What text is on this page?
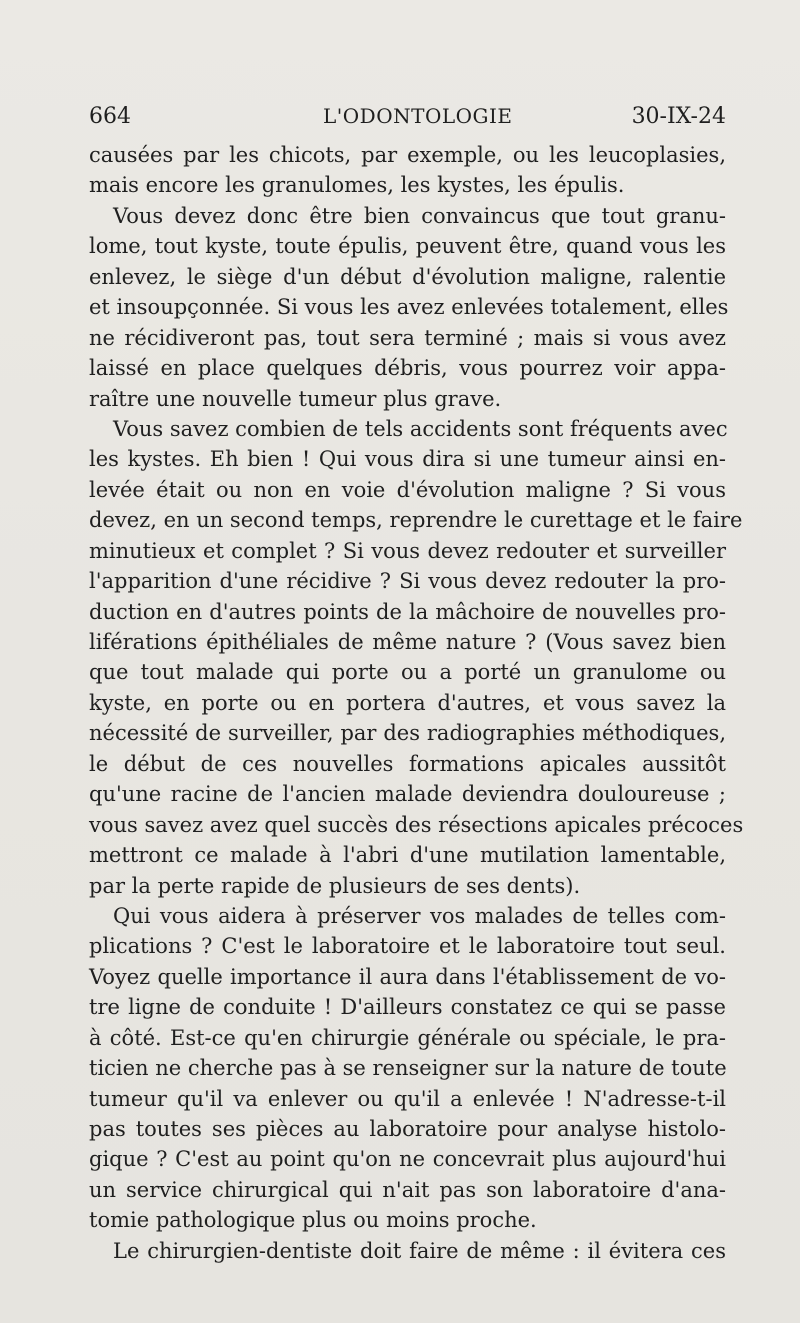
664	L'ODONTOLOGIE	30-IX-24
causées par les chicots, par exemple, ou les leucoplasies,
mais encore les granulomes, les kystes, les épulis.
Vous devez donc être bien convaincus que tout granu-
lome, tout kyste, toute épulis, peuvent être, quand vous les
enlevez, le siège d'un début d'évolution maligne, ralentie
et insoupçonnée. Si vous les avez enlevées totalement, elles
ne récidiveront pas, tout sera terminé ; mais si vous avez
laissé en place quelques débris, vous pourrez voir appa-
raître une nouvelle tumeur plus grave.
Vous savez combien de tels accidents sont fréquents avec
les kystes. Eh bien ! Qui vous dira si une tumeur ainsi en-
levée était ou non en voie d'évolution maligne ? Si vous
devez, en un second temps, reprendre le curettage et le faire
minutieux et complet ? Si vous devez redouter et surveiller
l'apparition d'une récidive ? Si vous devez redouter la pro-
duction en d'autres points de la mâchoire de nouvelles pro-
liférations épithéliales de même nature ? (Vous savez bien
que tout malade qui porte ou a porté un granulome ou
kyste, en porte ou en portera d'autres, et vous savez la
nécessité de surveiller, par des radiographies méthodiques,
le début de ces nouvelles formations apicales aussitôt
qu'une racine de l'ancien malade deviendra douloureuse ;
vous savez avez quel succès des résections apicales précoces
mettront ce malade à l'abri d'une mutilation lamentable,
par la perte rapide de plusieurs de ses dents).
Qui vous aidera à préserver vos malades de telles com-
plications ? C'est le laboratoire et le laboratoire tout seul.
Voyez quelle importance il aura dans l'établissement de vo-
tre ligne de conduite ! D'ailleurs constatez ce qui se passe
à côté. Est-ce qu'en chirurgie générale ou spéciale, le pra-
ticien ne cherche pas à se renseigner sur la nature de toute
tumeur qu'il va enlever ou qu'il a enlevée ! N'adresse-t-il
pas toutes ses pièces au laboratoire pour analyse histolo-
gique ? C'est au point qu'on ne concevrait plus aujourd'hui
un service chirurgical qui n'ait pas son laboratoire d'ana-
tomie pathologique plus ou moins proche.
Le chirurgien-dentiste doit faire de même : il évitera ces
